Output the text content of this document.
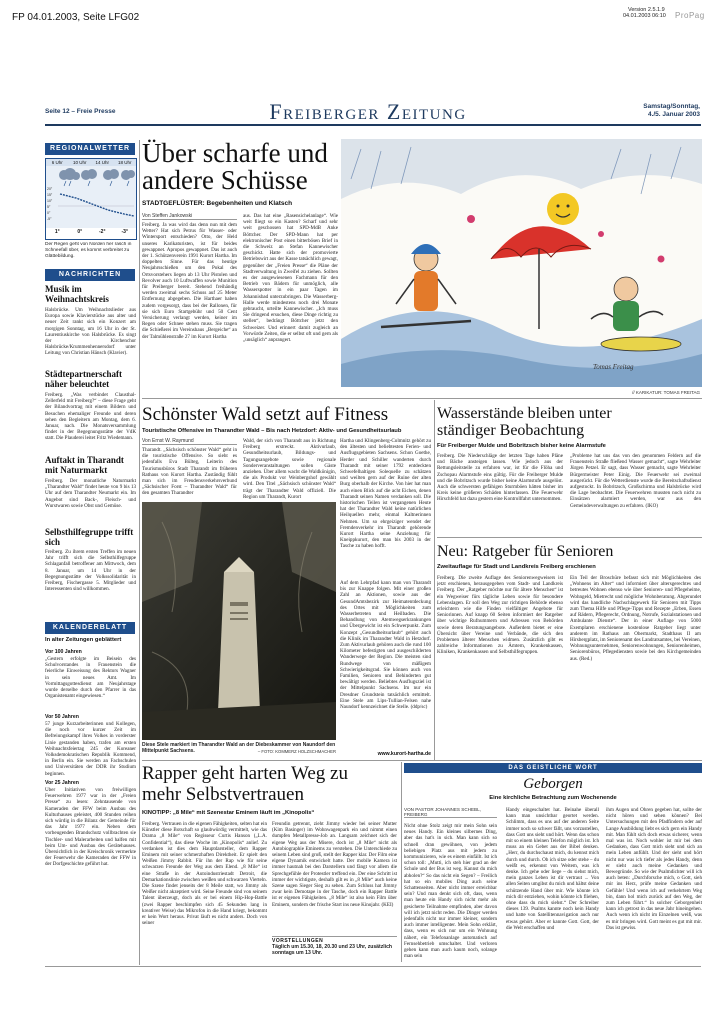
FP 04.01.2003, Seite LFG02
Version 2.5.1.9
04.01.2003 06:10 ProPag
Seite 12 – Freie Presse	Freiberger Zeitung	Samstag/Sonntag,
4./5. Januar 2003
REGIONALWETTER
6 Uhr	10 Uhr	14 Uhr	18 Uhr
20°
15°
10°
5°
0°
-5°
1°	0°	-2°	-3°
Der Regen geht von Norden her rasch in Schneefall über, es kommt verbreitet zu Glättebildung.
NACHRICHTEN
Musik im Weihnachtskreis
Halsbrücke. Um Weihnachtslieder aus Europa sowie Klavierstücke aus alter und neuer Zeit rankt sich ein Konzert am morgigen Sonntag, um 16 Uhr in der St. Laurentiuskirche von Halsbrücke. Es singt der Kirchenchor Halsbrücke/Krummenhennersdorf unter Leitung von Christian Hänsch (Klavier).
Städtepartnerschaft näher beleuchtet
Freiberg. „Was verbindet Clausthal-Zellerfeld mit Freiberg?“ – diese Frage geht der Bilandvortrag mit einem Bildern und Besuchen ehemaliger Freunde und deren sehen den Begleitern am Montag, dem 6. Januar, nach. Die Monatsversammlung findet in der Begegnungsstätte der VdK statt. Die Plauderei leitet Fritz Wiedemann.
Auftakt in Tharandt mit Naturmarkt
Freiberg. Der monatliche Naturmarkt „Tharandter Wald“ findet heute von 9 bis 13 Uhr auf dem Tharandter Neumarkt ein. Im Angebot sind Back-, Fleisch- und Wurstwaren sowie Obst und Gemüse.
Selbsthilfegruppe trifft sich
Freiberg. Zu ihrem ersten Treffen im neuen Jahr trifft sich die Selbsthilfegruppe Schlaganfall betroffener am Mittwoch, dem 8. Januar, um 14 Uhr in der Begegnungsstätte der Volkssolidarität in Freiberg, Fischergasse 5. Mitglieder und Interessenten sind willkommen.
KALENDERBLATT
In alter Zeitungen geblättert
Vor 100 Jahren
„Gestern erfolgte im Beisein des Schulvorstandes in Frauenstein die feierliche Einweisung des Rektors Wagner in sein neues Amt. Im Vormittagsgottesdienst am Neujahrstage wurde derselbe durch den Pfarrer in das Organistenamt eingewiesen.“
Vor 50 Jahren
57 junge Kurzarbeiterinnen und Kollegen, die noch vor kurzer Zeit im Befreiungskampf ihres Volkes in vorderster Linie gestanden haben, trafen am ersten Weihnachtsfeiertag 245 der Koreaner Volksdemokratischen Republik Kommend, in Berlin ein. Sie werden an Fachschulen und Universitäten der DDR ihr Studium beginnen.
Vor 25 Jahren
Über Initiativen von freiwilligen Feuerwehren 1977 war in der „Freien Presse“ zu lesen: Zehntausende von Kameraden der FFW beim Ausbau des Kulturhauses geleistet, 400 Stunden reihen sich würdig in die Bilanz der Gemeinde für das Jahr 1977 ein. Neben dem vorbeugenden Brandschutz vollbrachten sie Tischler- und Malerarbeiten und halfen mit beim Um- und Ausbau des Gerätehauses. Übersichtlich in der Kreischronik vermerkte der Feuerwehr die Kameraden der FFW in der Dorfgeschichte geführt hat.
Über scharfe und
andere Schüsse
STADTGEFLÜSTER: Begebenheiten und Klatsch
Von Steffen Jankowski
Freiberg. Ja was wird das denn nun mit dem Wetter? Hat sich Petrus für Wasser- oder Wintersport entschieden? Otto, der Held unseres Karikaturisten, ist für beides gewappnet. Apropos gewappnet. Das ist auch der 1. Schützenverein 1991 Kurort Hartha. Im doppelten Sinne. Für das heutige Neujahrsschießen um den Pokal des Ortsvorstehers liegen ab 13 Uhr Pistolen und Revolver auch 10 Luftwaffen sowie Munition für Preiberger bereit. Stehend freihändig werden zweimal sechs Schuss auf 25 Meter Entfernung abgegeben. Die Harthaer haben zudem vorgesorgt, dass bei der Rallonen, für sie sich Euro Startgebühr und 50 Cent Versicherung verlangt werden, keiner im Regen oder Schnee stehen muss. Sie tragen die Schießerei im Vereinshaus „Bergeiche“ an der Talmühlenstraße 27 im Kurort Hartha
aus. Das hat eine „Rasensichelanlage“. Wie weit fliegt so ein Kasten? Scharf und sehr weit geschossen hat SPD-MdB Anke Böttcher. Der SPD-Mann hat per elektronischer Post einen bitterbösen Brief in die Schweiz an Stefan Kannewischer geschickt. Hatte sich der promovierte Betriebswirt aus der Kasse tatsächlich gewagt, gegenüber der „Freien Presse“ die Pläne der Stadtverwaltung in Zweifel zu ziehen. Sollten es der ausgewiesenen Fachmann für den Betrieb von Bädern für unmöglich, alle Wasserspotter in ein paar Tagen im Johannisbad unterzubringen. Die Wasserberg-Halle werde mindestens noch drei Monate gebraucht, urteilte Kannewischer. „Ich muss Sie dringend ersuchen, diese Dinge richtig zu stellen“, bedrängt Böttcher jetzt den Schweizer. Und erinnert damit zugleich an Vorwürde Zeiten, die er selbst oft und gern als „unsäglich“ anprangert.
Tomas Freitag
// KARIKATUR: TOMAS FREITAG
Schönster Wald setzt auf Fitness
Touristische Offensive im Tharandter Wald – Bis nach Hetzdorf: Aktiv- und Gesundheitsurlaub
Von Ernst W. Raymund
Tharandt. „Sächsisch schönster Wald“ geht in die touristische Offensive. So sieht es jedenfalls Eva Bülteg, Leiterin des Tourismusbüros Stadt Tharandt im früheren Rathaus von Kurort Hartha. Zuständig fühlt man sich im Freudensverkehrsverbund „Sächsischer Forst – Tharandter Wald“ für den gesamten Tharandter
Wald, der sich von Tharandt aus in Richtung Freiberg erstreckt. Aktivurlaub, Gesundheitsurlaub, Bildungs- und Tagungsangebote sowie regionale Sonderveranstaltungen sollen Gäste anziehen. Über allem wacht die Waldkönigin, die als Produkt vor Weinbergshof gewählt wird. Den Titel „Sächsisch schönster Wald“ trägt der Tharandter Wald offiziell. Die Region um Tharandt, Kurort
Hartha und Klingenberg-Colmnitz gehört zu den ältesten und beliebtesten Ferien- und Ausflugsgebieten Sachsens. Schon Goethe, Herder und Schiller wanderten durch Tharandt mit seiner 1792 entdeckten Schwefelhaltigen Solequelle zu schätzen und weilten gern auf der Ruine der alten Burg oberhalb der Kirche. Von hier hat man auch einen Blick auf die acht Eichen, denen Tharandt seinen Namen verdanken soll. Die historischen Teilen ist vergangenen Heute hat der Tharandter Wald keine natürlichen Heilquellen mehr, einmal Kaltnerinnen Nehmen. Um so ehrgeiziger wendet der Fremdenverkehr im Tharandt gehörende Kurort Hartha seine Anziehung für Kneippkurort, den man bis 2003 in der Tasche zu haben hofft.
Auf dem Lehrpfad kann man von Tharandt bis zur Knappe folgen. Mit einer großen Zahl an Aktionen, sowie aus der GesundAmtsbezirk zur Heimatentdeckung des Ortes mit Möglichkeiten zum Wasserbetreten und Heilbaden. Die Behandlung von Atemwegserkrankungen und Übergewicht ist ein Schwerpunkt. Zum Konzept „Gesundheitsurlaub“ gehört auch die Klinik im Tharandter Wald in Hetzdorf. Zum Aktivurlaub gehören auch die rund 100 Kilometer befestigten und ausgeschilderten Wanderwege der Region. Die meisten sind Rundwege von mäßigem Schwierigkeitsgrad. Sie können auch von Familien, Senioren und Behinderten gut bewältigt werden. Beliebtes Ausflugsziel ist der Mittelpunkt Sachsens. Im nur ein Dresdner Grundstein tatsächlich ermittelt. Eine Stele am Lips-Tullian-Felsen nahe Naundorf kennzeichnet die Stelle. (ddp/sc)
www.kurort-hartha.de
Diese Stele markiert im Tharandter Wald an der Diebeskammer von Naundorf den Mittelpunkt Sachsens.	– FOTO: KOMMERZ HOLZSCHMACHER
Wasserstände bleiben unter
ständiger Beobachtung
Für Freiberger Mulde und Bobritzsch bisher keine Alarmstufe
Freiberg. Die Niederschläge der letzten Tage haben Pläne und Bäche ansteigen lassen. Wie jedoch aus der Rettungsleitstelle zu erfahren war, ist für die Flöha und Zschopau Alarmstufe eins gültig. Für die Freiberger Mulde und die Bobritzsch wurde bisher keine Alarmstufe ausgelöst. Auch die schwersten gefähigen Sturmböen hätten bisher im Kreis keine größeren Schäden hinterlassen. Die Feuerwehr Hirschfeld hat dazu gestern eine Kontrollfahrt unternommen.
„Probleme hat uns das von den genommen Feldern auf die Frauenstein Straße fließend Wasser gemacht“, sagte Wehrleiter Jürgen Petzel. Er sagt, dass Wasser gemacht, sagte Wehrleiter Bürgermeister Peter Einig. Die Feuerwehr sei zweimal ausgerückt. Für die Wetterdienste wurde die Bereitschaftsdienst aufgestockt. In Bobritzsch, Großschirma und Halsbrücke wird die Lage beobachtet. Die Feuerwehren mussten noch nicht zu Einsätzen alarmiert werden, war aus den Gemeindeverwaltungen zu erfahren. (IKO)
Neu: Ratgeber für Senioren
Zweitauflage für Stadt und Landkreis Freiberg erschienen
Freiberg. Die zweite Auflage des Seniorenwegweisers ist jetzt erschienen, herausgegeben vom Stadt- und Landkreis Freiberg. Der „Ratgeber möchte nur für ältere Menschen“ ist ein Wegweiser fürs tägliche Leben sowie für besondere Lebenslagen. Er soll den Weg zur richtigen Behörde ebenso erleichtern wie die Finden vielfältiger Angebote für Seniorinnen. Auf knapp 60 Seiten informiert der Ratgeber über wichtige Rufnummern und Adressen von Behörden sowie deren Beratungsangebote. Außerdem bietet er eine Übersicht über Vereine und Verbände, die sich den Problemen älterer Menschen widmen. Zusätzlich gibt es zahlreiche Informationen zu Ämtern, Krankenkassen, Kliniken, Krankenkassen und Selbsthilfegruppen.
Ein Teil der Broschüre befasst sich mit Möglichkeiten des „Wohnens im Alter“ und informiert über altersgerechtes und betreutes Wohnen ebenso wie über Senioren- und Pflegeheime, Wohngeld, Mietrecht und mögliche Wohnberatung. Abgerundet wird das handliche Nachschlagewerk für Senioren mit Tipps zum Thema Hilfe und Pflege-Tipps und Rezepte „Erben, Essen auf Rädern, Pflegerecht, Ordnung, Notrufe, Sozialstationen und Ambulante Dienste“. Der in einer Auflage von 5000 Exemplaren erschienene kostenlose Ratgeber liegt unter anderem im Rathaus am Obermarkt, Stadthaus II am Hirsbergplatz, im Seniorenamt des Landratsamtes, bei Vereinen, Wohnungsunternehmen, Seniorenwohnungen, Seniorenheimen, Seniorenbüros, Pflegediensten sowie bei den Kirchgemeinden aus. (Red.)
Rapper geht harten Weg zu
mehr Selbstvertrauen
KINOTIPP: „8 Mile“ mit Szenestar Eminem läuft im „Kinopolis“
Freiberg. Vertrauen in die eigenen Fähigkeiten, selten hat ein Künstler diese Botschaft so glaubwürdig vermittelt, wie das Drama „8 Mile“ von Regisseur Curtis Hanson („L.A. Confidential“), das diese Woche im „Kinopolis“ anlief. Zu verdanken ist dies dem Hauptdarsteller, dem Rapper Eminem mit seiner schmerzhaften Direktheit. Er spielt den Weißen Jimmy Rabbit. Für ihn der Rap wie für seine schwarzen Freunde der Weg aus dem Elend. „8 Mile“ ist eine Straße in der Autoindustriestadt Detroit, die Demarkationslinie zwischen weißen und schwarzen Vierteln. Die Szene findet jenseits der 8 Meile statt, wo Jimmy als Weißer nicht akzeptiert wird. Seine Freunde sind von seinem Talent überzeugt, doch als er bei einem Hip-Hop-Battle (zwei Rapper beschimpfen sich 45 Sekunden lang in kreativer Weise) das Mikrofon in die Hand kriegt, bekommt er kein Wort heraus. Privat läuft es nicht anders. Doch von seiner
Freundin getrennt, zieht Jimmy wieder bei seiner Mutter (Kim Basinger) im Wohnwagenpark ein und nimmt einen dumpfen Metallpresse-Job an. Langsam zeichnet sich der eigene Weg aus der Misere, doch ist „8 Mile“ nicht als Autobiographie Eminems zu verstehen. Die Unterschiede zu seinem Leben sind groß, stellt der Rapper klar. Der Film eine eigene Dynamik entwickelt hatte. Der mobile Kamera ist immer hautnah bei den Darstellern und fängt vor allem die Sprechgefühle der Protestler treffend ein. Der eine Schritt ist immer der wichtigste, deshalb gilt es in „8 Mile“ auch keine Szene sagen Sieger Sieg zu sehen. Zum Schluss hat Jimmy zwar kein Demotape in der Tasche, doch ein Rapper Battle ist er eigenen Fähigkeiten. „8 Mile“ ist also kein Film über Eminem, sondern der frische Start ins neue Kinojahr. (KEI)
VORSTELLUNGEN
Täglich um 15.30, 18, 20.30 und 23 Uhr, zusätzlich sonntags um 13 Uhr.
DAS GEISTLICHE WORT
Geborgen
Eine kirchliche Betrachtung zum Wochenende
VON PASTOR JOHANNES SCHEBL, FREIBERG
Nicht ohne Stolz zeigt mir mein Sohn sein neues Handy. Ein kleines silbernes Ding, aber das hat's in sich. Man kann sich so schnell dran gewöhnen, von jedem beliebigen Platz aus mit jedem zu kommunizieren, wie es einem einfällt. Ist ich schon toll: „Mutti, ich steh hier grad an der Schule und der Bus ist weg. Kannst du mich abholen?“ So das nicht ein Segen? – Freilich hat so ein mobiles Ding auch seine Schattenseiten. Aber nicht immer erreichbar sein? Und man denkt sich oft, dass, wenn man heute ein Handy sich nicht mehr als gesicherte Teilnahme empfinden, aber davon will ich jetzt nicht reden. Die Dinger werden jedenfalls nicht nur immer kleiner, sondern auch immer intelligenter. Mein Sohn erklärt, dass, wenn es sich nur um ein Wohnung nähert, ein Telefonanlage automatisch auf Fernsehbetrieb umschaltet. Und verloren gehen kann man auch kaum noch, solange man sein
Handy eingeschaltet hat. Beinahe überall kann man unsichtbar geortet werden. Schlimm, dass es uns auf der anderen Seite immer noch so schwer fällt, uns vorzustellen, dass Gott uns sieht und hört. Wenn das schon mit so einem kleinen Telefon möglich ist. Ich muss an ein Gebet aus der Bibel denken. „Herr, du durchschaust mich, du kennst mich durch und durch. Ob ich sitze oder stehe – du weißt es, erkennst von Weitem, was ich denke. Ich gehe oder liege – du siehst mich, mein ganzes Leben ist dir vertraut ... Von allen Seiten umgibst du mich und hältst deine schützende Hand über mir. Wie könnte ich mich dir entziehen, wohin könnte ich fliehen, ohne dass du mich siehst.“ Der Schreiber dieses 139. Psalms kannte noch kein Handy und hatte von Satellitennavigation auch nur etwas gehört. Aber er kannte Gott. Gott, der die Welt erschaffen und
ihm Augen und Ohren gegeben hat, sollte der nicht hören und sehen können? Bei Untersuchungen mit den Pfadfindern oder auf Lange Ausbildung liebt es sich gern ein Handy mit. Man fühlt sich doch etwas sicherer, wenn mal was ist. Noch wohler ist mir bei dem Gedanken, dass Gott mich sieht und sich an mein Leben anfühlt. Und der sieht und hört nicht nur was ich tiefer als jedes Handy, denn er sieht auch meine Gedanken und Bewegründe. So wie der Psalmdichter will ich auch beten: „Durchforsche mich, o Gott, sieh mir ins Herz, prüfe meine Gedanken und Gefühle! Und wenn ich auf verkehrtem Weg bin, dann hol mich zurück auf den Weg, der zum Leben führt.“ In solcher Geborgenheit kann ich getrost in das neue Jahr hineingehen. Auch wenn ich nicht im Einzelnen weiß, was es mir bringen wird. Gott meint es gut mit mir. Das ist gewiss.
